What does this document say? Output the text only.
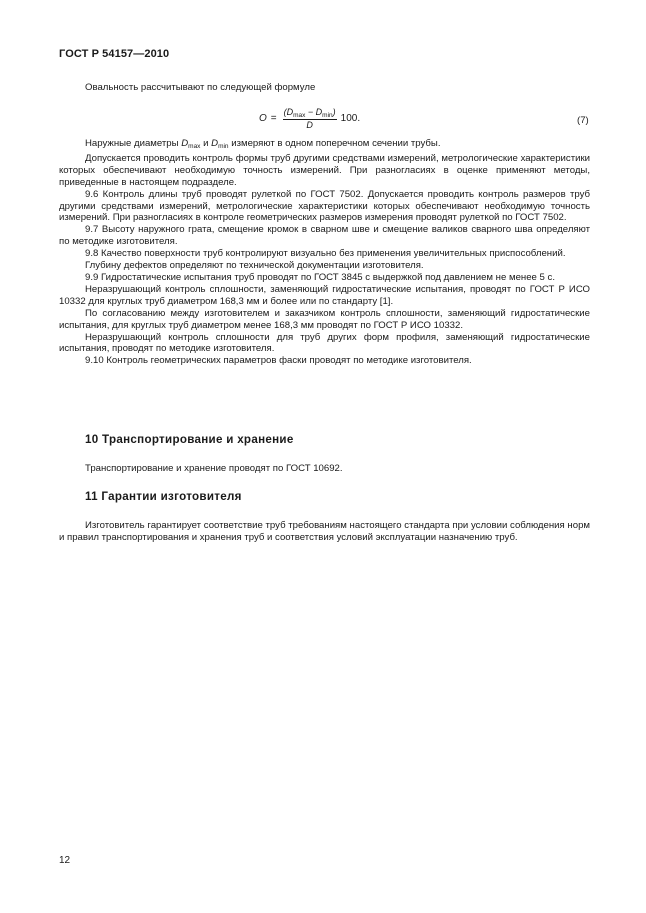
ГОСТ Р 54157—2010

Овальность рассчитывают по следующей формуле

$O = \frac{(D_{max} - D_{min})}{D} 100$.	(7)

Наружные диаметры $D_{max}$ и $D_{min}$ измеряют в одном поперечном сечении трубы.

Допускается проводить контроль формы труб другими средствами измерений, метрологические характеристики которых обеспечивают необходимую точность измерений. При разногласиях в оценке применяют методы, приведенные в настоящем подразделе.

9.6 Контроль длины труб проводят рулеткой по ГОСТ 7502. Допускается проводить контроль размеров труб другими средствами измерений, метрологические характеристики которых обеспечивают необходимую точность измерений. При разногласиях в контроле геометрических размеров измерения проводят рулеткой по ГОСТ 7502.

9.7 Высоту наружного грата, смещение кромок в сварном шве и смещение валиков сварного шва определяют по методике изготовителя.

9.8 Качество поверхности труб контролируют визуально без применения увеличительных приспособлений.

Глубину дефектов определяют по технической документации изготовителя.

9.9 Гидростатические испытания труб проводят по ГОСТ 3845 с выдержкой под давлением не менее 5 с.

Неразрушающий контроль сплошности, заменяющий гидростатические испытания, проводят по ГОСТ Р ИСО 10332 для круглых труб диаметром 168,3 мм и более или по стандарту [1].

По согласованию между изготовителем и заказчиком контроль сплошности, заменяющий гидростатические испытания, для круглых труб диаметром менее 168,3 мм проводят по ГОСТ Р ИСО 10332.

Неразрушающий контроль сплошности для труб других форм профиля, заменяющий гидростатические испытания, проводят по методике изготовителя.

9.10 Контроль геометрических параметров фаски проводят по методике изготовителя.

10 Транспортирование и хранение

Транспортирование и хранение проводят по ГОСТ 10692.

11 Гарантии изготовителя

Изготовитель гарантирует соответствие труб требованиям настоящего стандарта при условии соблюдения норм и правил транспортирования и хранения труб и соответствия условий эксплуатации назначению труб.

12
